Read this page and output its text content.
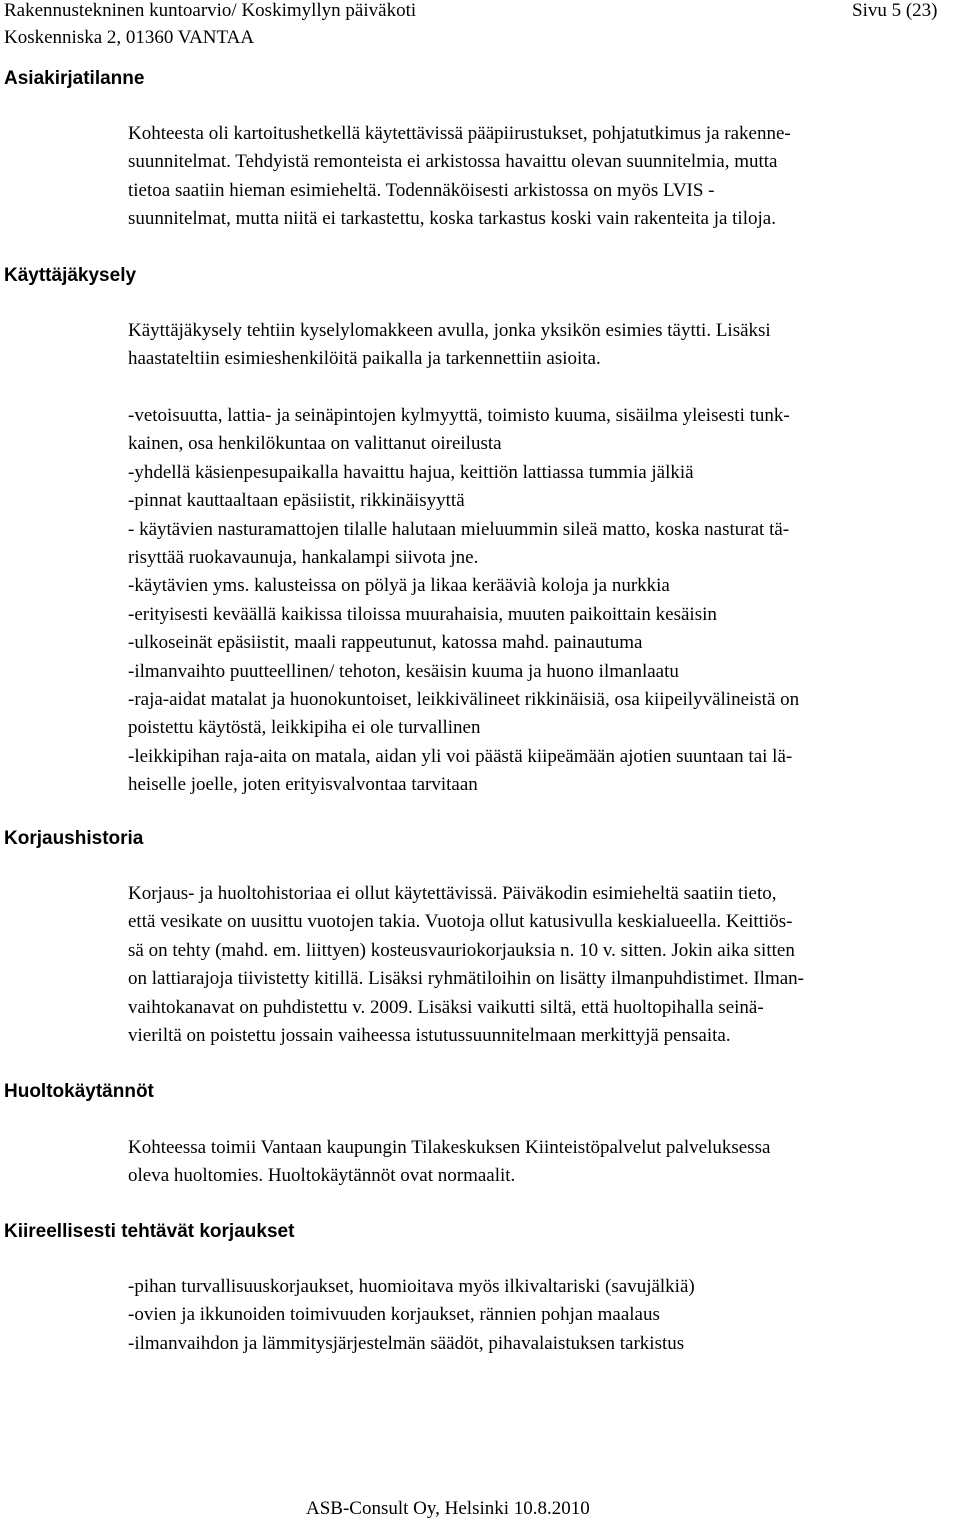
Rakennustekninen kuntoarvio/ Koskimyllyn päiväkoti
Koskenniska 2, 01360 VANTAA
Sivu 5 (23)
Asiakirjatilanne
Kohteesta oli kartoitushetkellä käytettävissä pääpiirustukset, pohjatutkimus ja rakenne-
suunnitelmat. Tehdyistä remonteista ei arkistossa havaittu olevan suunnitelmia, mutta
tietoa saatiin hieman esimieheltä. Todennäköisesti arkistossa on myös LVIS -
suunnitelmat, mutta niitä ei tarkastettu, koska tarkastus koski vain rakenteita ja tiloja.
Käyttäjäkysely
Käyttäjäkysely tehtiin kyselylomakkeen avulla, jonka yksikön esimies täytti. Lisäksi
haastateltiin esimieshenkilöitä paikalla ja tarkennettiin asioita.
-vetoisuutta, lattia- ja seinäpintojen kylmyyttä, toimisto kuuma, sisäilma yleisesti tunk-
kainen, osa henkilökuntaa on valittanut oireilusta
-yhdellä käsienpesupaikalla havaittu hajua, keittiön lattiassa tummia jälkiä
-pinnat kauttaaltaan epäsiistit, rikkinäisyyttä
- käytävien nasturamattojen tilalle halutaan mieluummin sileä matto, koska nasturat tä-
risyttää ruokavaunuja, hankalampi siivota jne.
-käytävien yms. kalusteissa on pölyä ja likaa keräävià koloja ja nurkkia
-erityisesti keväällä kaikissa tiloissa muurahaisia, muuten paikoittain kesäisin
-ulkoseinät epäsiistit, maali rappeutunut, katossa mahd. painautuma
-ilmanvaihto puutteellinen/ tehoton, kesäisin kuuma ja huono ilmanlaatu
-raja-aidat matalat ja huonokuntoiset, leikkivälineet rikkinäisiä, osa kiipeilyvälineistä on
poistettu käytöstä, leikkipiha ei ole turvallinen
-leikkipihan raja-aita on matala, aidan yli voi päästä kiipeämään ajotien suuntaan tai lä-
heiselle joelle, joten erityisvalvontaa tarvitaan
Korjaushistoria
Korjaus- ja huoltohistoriaa ei ollut käytettävissä. Päiväkodin esimieheltä saatiin tieto,
että vesikate on uusittu vuotojen takia. Vuotoja ollut katusivulla keskialueella. Keittiös-
sä on tehty (mahd. em. liittyen) kosteusvauriokorjauksia n. 10 v. sitten. Jokin aika sitten
on lattiarajoja tiivistetty kitillä. Lisäksi ryhmätiloihin on lisätty ilmanpuhdistimet. Ilman-
vaihtokanavat on puhdistettu v. 2009. Lisäksi vaikutti siltä, että huoltopihalla seinä-
vieriltä on poistettu jossain vaiheessa istutussuunnitelmaan merkittyjä pensaita.
Huoltokäytännöt
Kohteessa toimii Vantaan kaupungin Tilakeskuksen Kiinteistöpalvelut palveluksessa
oleva huoltomies. Huoltokäytännöt ovat normaalit.
Kiireellisesti tehtävät korjaukset
-pihan turvallisuuskorjaukset, huomioitava myös ilkivaltariski (savujälkiä)
-ovien ja ikkunoiden toimivuuden korjaukset, rännien pohjan maalaus
-ilmanvaihdon ja lämmitysjärjestelmän säädöt, pihavalaistuksen tarkistus
ASB-Consult Oy, Helsinki 10.8.2010
